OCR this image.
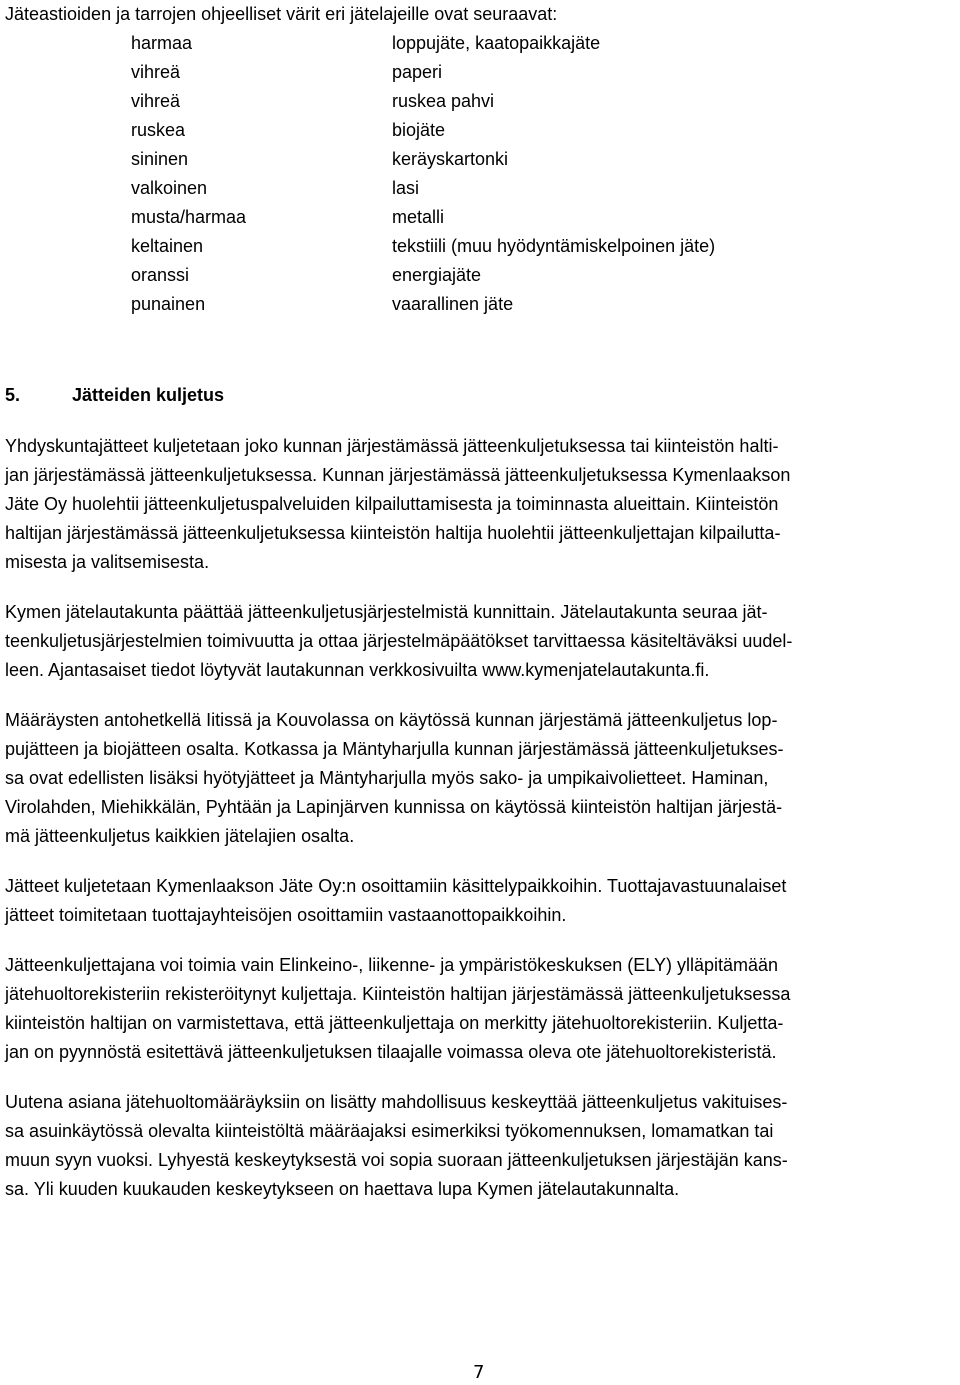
Jäteastioiden ja tarrojen ohjeelliset värit eri jätelajeille ovat seuraavat:

harmaa	loppujäte, kaatopaikkajäte
vihreä	paperi
vihreä	ruskea pahvi
ruskea	biojäte
sininen	keräyskartonki
valkoinen	lasi
musta/harmaa	metalli
keltainen	tekstiili (muu hyödyntämiskelpoinen jäte)
oranssi	energiajäte
punainen	vaarallinen jäte
5.	Jätteiden kuljetus
Yhdyskuntajätteet kuljetetaan joko kunnan järjestämässä jätteenkuljetuksessa tai kiinteistön halti-
jan järjestämässä jätteenkuljetuksessa. Kunnan järjestämässä jätteenkuljetuksessa Kymenlaakson
Jäte Oy huolehtii jätteenkuljetuspalveluiden kilpailuttamisesta ja toiminnasta alueittain. Kiinteistön
haltijan järjestämässä jätteenkuljetuksessa kiinteistön haltija huolehtii jätteenkuljettajan kilpailutta-
misesta ja valitsemisesta.
Kymen jätelautakunta päättää jätteenkuljetusjärjestelmistä kunnittain. Jätelautakunta seuraa jät-
teenkuljetusjärjestelmien toimivuutta ja ottaa järjestelmäpäätökset tarvittaessa käsiteltäväksi uudel-
leen. Ajantasaiset tiedot löytyvät lautakunnan verkkosivuilta www.kymenjatelautakunta.fi.
Määräysten antohetkellä Iitissä ja Kouvolassa on käytössä kunnan järjestämä jätteenkuljetus lop-
pujätteen ja biojätteen osalta. Kotkassa ja Mäntyharjulla kunnan järjestämässä jätteenkuljetukses-
sa ovat edellisten lisäksi hyötyjätteet ja Mäntyharjulla myös sako- ja umpikaivolietteet. Haminan,
Virolahden, Miehikkälän, Pyhtään ja Lapinjärven kunnissa on käytössä kiinteistön haltijan järjestä-
mä jätteenkuljetus kaikkien jätelajien osalta.
Jätteet kuljetetaan Kymenlaakson Jäte Oy:n osoittamiin käsittelypaikkoihin. Tuottajavastuunalaiset
jätteet toimitetaan tuottajayhteisöjen osoittamiin vastaanottopaikkoihin.
Jätteenkuljettajana voi toimia vain Elinkeino-, liikenne- ja ympäristökeskuksen (ELY) ylläpitämään
jätehuoltorekisteriin rekisteröitynyt kuljettaja. Kiinteistön haltijan järjestämässä jätteenkuljetuksessa
kiinteistön haltijan on varmistettava, että jätteenkuljettaja on merkitty jätehuoltorekisteriin. Kuljetta-
jan on pyynnöstä esitettävä jätteenkuljetuksen tilaajalle voimassa oleva ote jätehuoltorekisteristä.
Uutena asiana jätehuoltomääräyksiin on lisätty mahdollisuus keskeyttää jätteenkuljetus vakituises-
sa asuinkäytössä olevalta kiinteistöltä määräajaksi esimerkiksi työkomennuksen, lomamatkan tai
muun syyn vuoksi. Lyhyestä keskeytyksestä voi sopia suoraan jätteenkuljetuksen järjestäjän kans-
sa. Yli kuuden kuukauden keskeytykseen on haettava lupa Kymen jätelautakunnalta.
7
